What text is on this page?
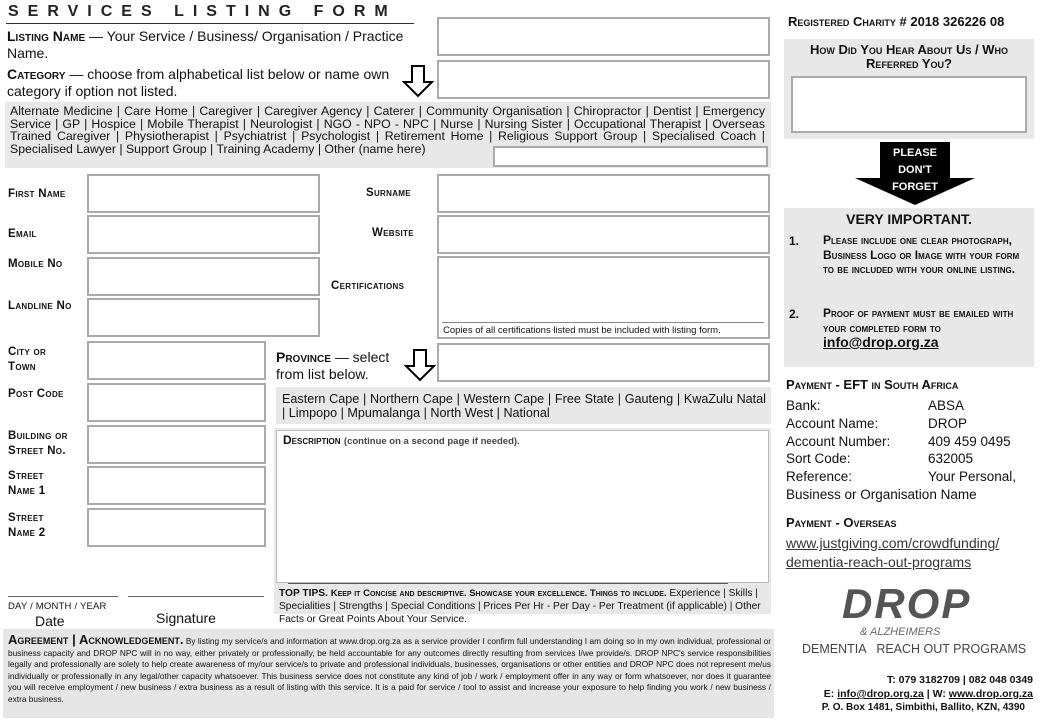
SERVICES LISTING FORM
Listing Name — Your Service / Business/ Organisation / Practice Name.
Category — choose from alphabetical list below or name own category if option not listed.
Alternate Medicine | Care Home | Caregiver | Caregiver Agency | Caterer | Community Organisation | Chiropractor | Dentist | Emergency Service | GP | Hospice | Mobile Therapist | Neurologist | NGO - NPO - NPC | Nurse | Nursing Sister | Occupational Therapist | Overseas Trained Caregiver | Physiotherapist | Psychiatrist | Psychologist | Retirement Home | Religious Support Group | Specialised Coach | Specialised Lawyer | Support Group | Training Academy | Other (name here)
First Name
Email
Mobile No
Landline No
City or Town
Post Code
Building or Street No.
Street Name 1
Street Name 2
DAY / MONTH / YEAR
Date	Signature
Surname
Website
Certifications
Copies of all certifications listed must be included with listing form.
Province — select from list below.
Eastern Cape | Northern Cape | Western Cape | Free State | Gauteng | KwaZulu Natal | Limpopo | Mpumalanga | North West | National
Description (continue on a second page if needed).
TOP TIPS. Keep it Concise and descriptive. Showcase your excellence. Things to include. Experience | Skills | Specialities | Strengths | Special Conditions | Prices Per Hr - Per Day - Per Treatment (if applicable) | Other Facts or Great Points About Your Service.
Agreement | Acknowledgement. By listing my service/s and information at www.drop.org.za as a service provider I confirm full understanding I am doing so in my own individual, professional or business capacity and DROP NPC will in no way, either privately or professionally, be held accountable for any outcomes directly resulting from services I/we provide/s. DROP NPC's service responsibilities legally and professionally are solely to help create awareness of my/our service/s to private and professional individuals, businesses, organisations or other entities and DROP NPC does not represent me/us individually or professionally in any legal/other capacity whatsoever. This business service does not constitute any kind of job / work / employment offer in any way or form whatsoever, nor does it guarantee you will receive employment / new business / extra business as a result of listing with this service. It is a paid for service / tool to assist and increase your exposure to help finding you work / new business / extra business.
Registered Charity # 2018 326226 08
How Did You Hear About Us / Who Referred You?
PLEASE
DON'T
FORGET
VERY IMPORTANT.
1. Please include one clear photograph, Business Logo or Image with your form to be included with your online listing.
2. Proof of payment must be emailed with your completed form to info@drop.org.za
Payment - EFT in South Africa
Bank:	ABSA
Account Name:	DROP
Account Number:	409 459 0495
Sort Code:	632005
Reference:	Your Personal,
Business or Organisation Name
Payment - Overseas
www.justgiving.com/crowdfunding/
dementia-reach-out-programs
DROP
& ALZHEIMERS
DEMENTIA   REACH OUT PROGRAMS
T: 079 3182709 | 082 048 0349
E: info@drop.org.za | W: www.drop.org.za
P. O. Box 1481, Simbithi, Ballito, KZN, 4390
